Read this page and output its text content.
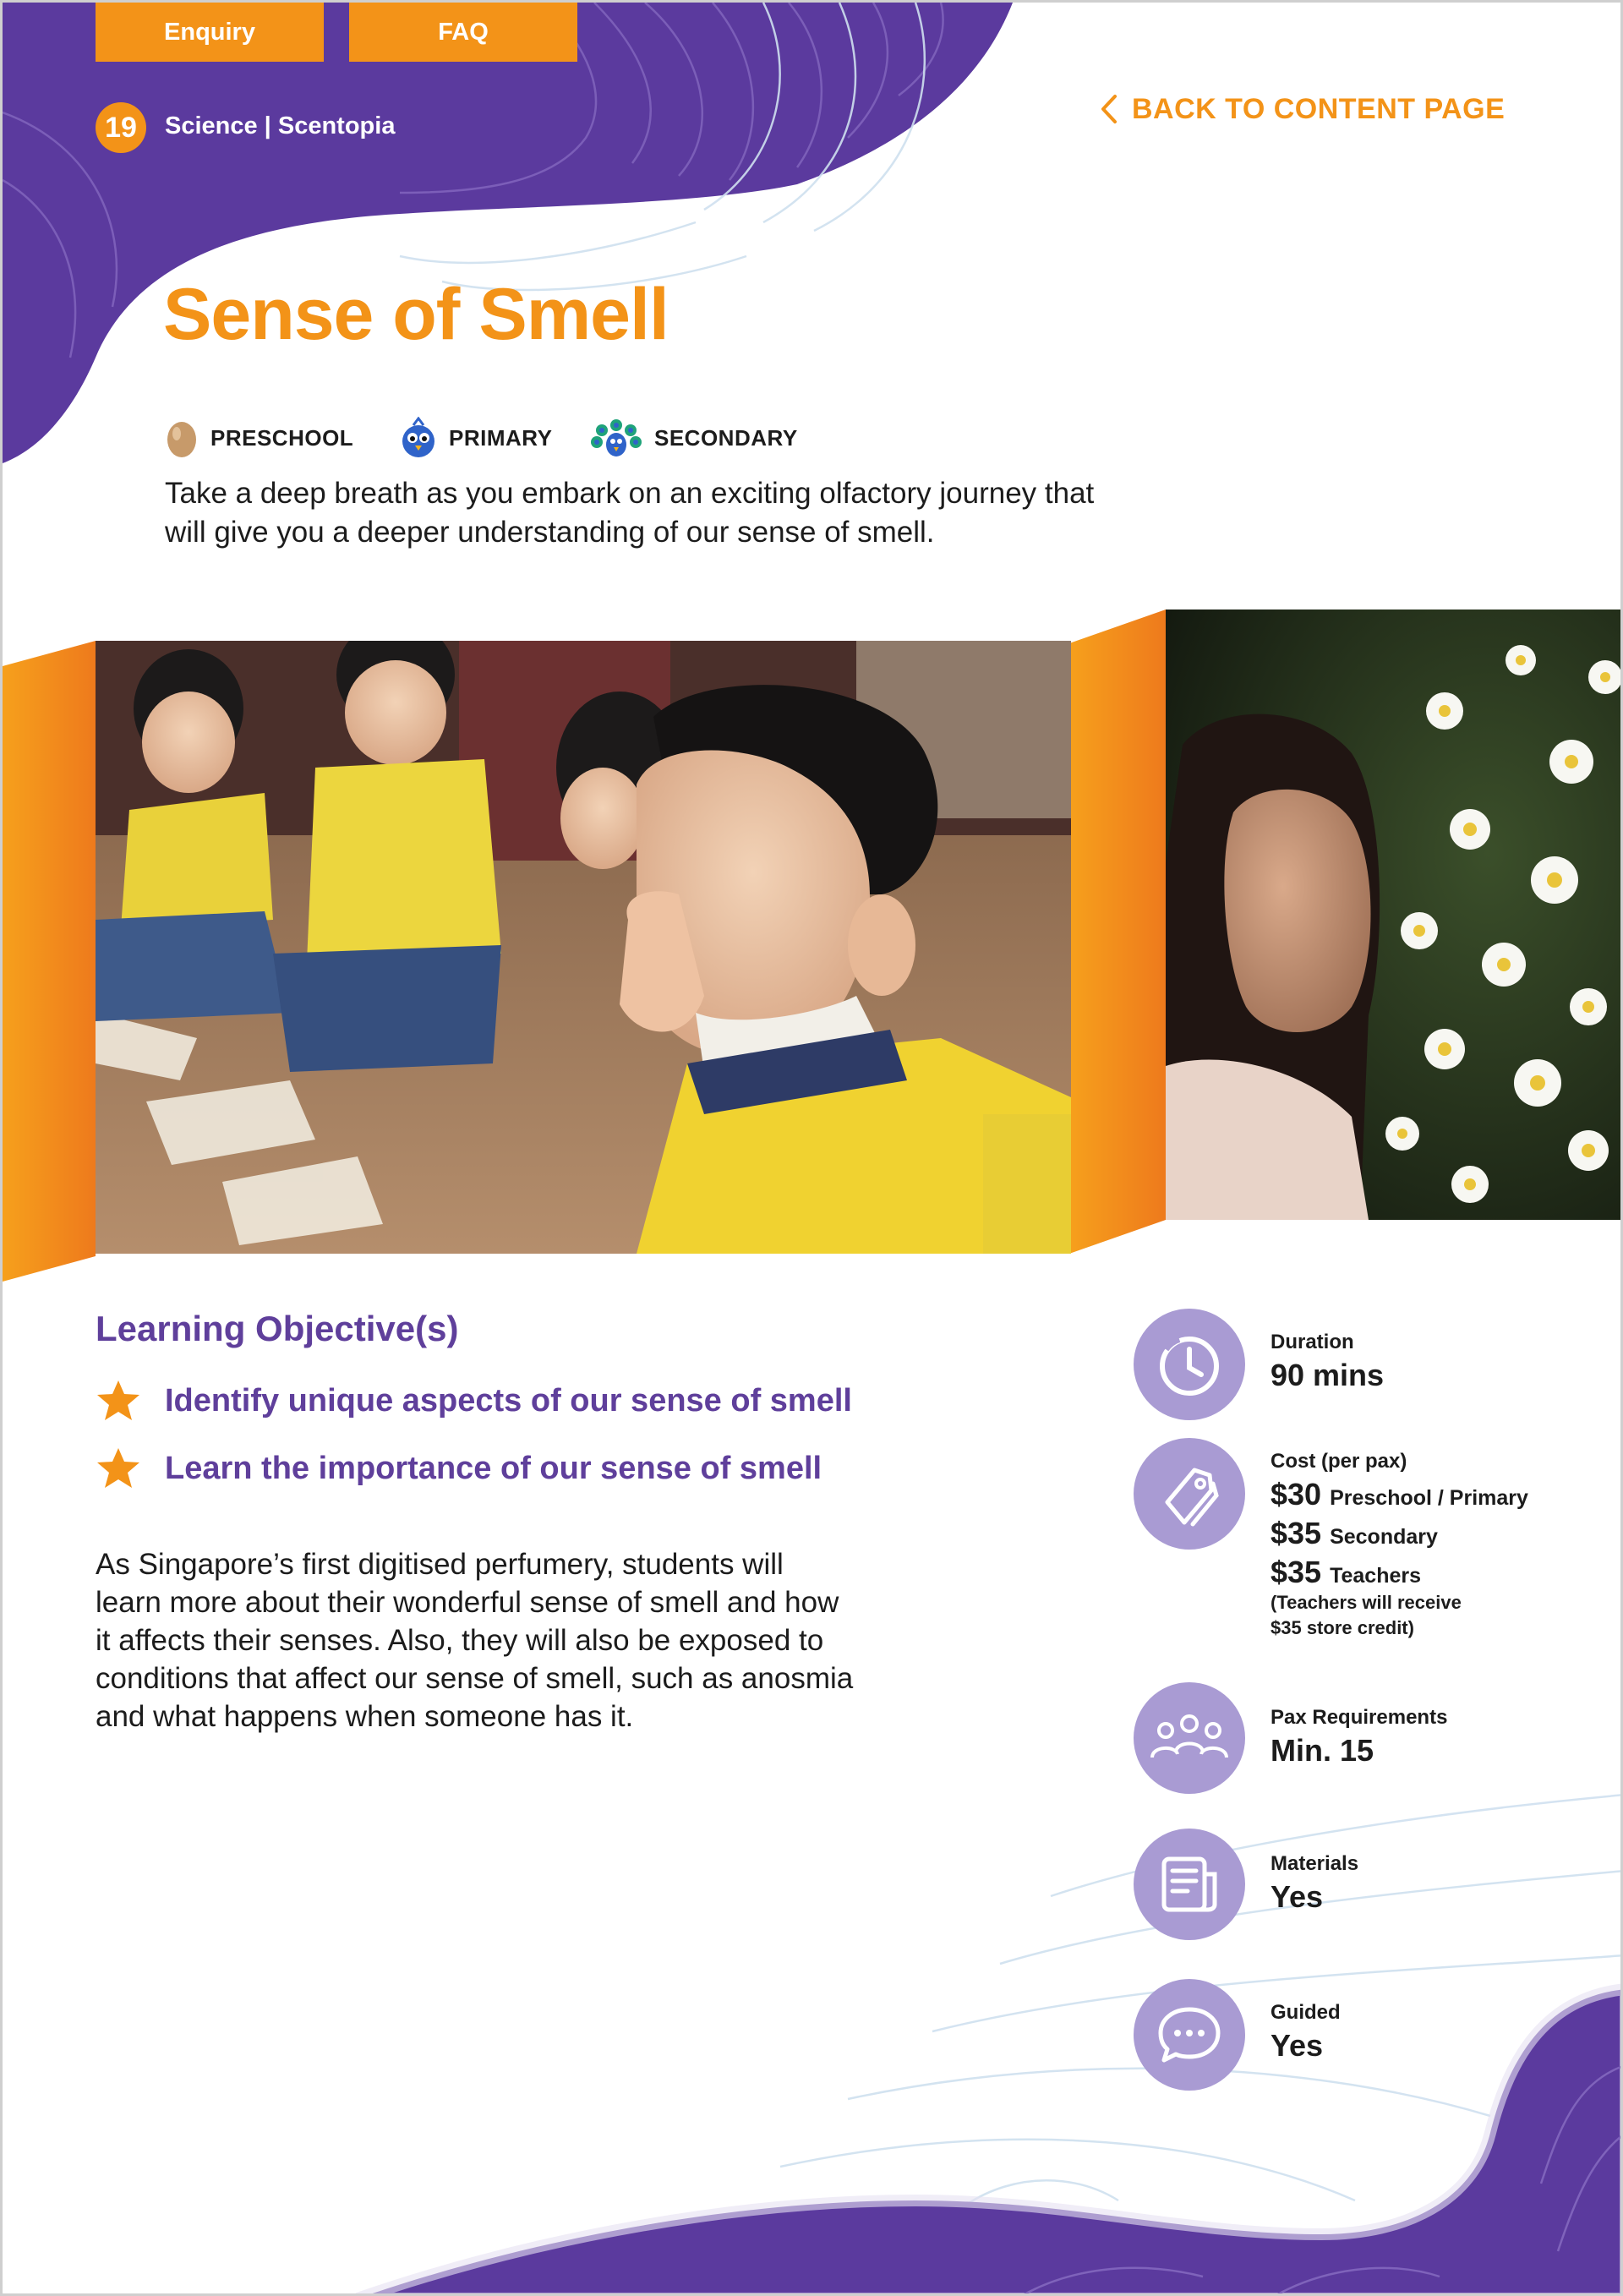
Enquiry	FAQ
19 Science | Scentopia
BACK TO CONTENT PAGE
Sense of Smell
PRESCHOOL	PRIMARY	SECONDARY
Take a deep breath as you embark on an exciting olfactory journey that
will give you a deeper understanding of our sense of smell.
Learning Objective(s)
Identify unique aspects of our sense of smell
Learn the importance of our sense of smell
As Singapore’s first digitised perfumery, students will
learn more about their wonderful sense of smell and how
it affects their senses. Also, they will also be exposed to
conditions that affect our sense of smell, such as anosmia
and what happens when someone has it.
Duration
90 mins
Cost (per pax)
$30 Preschool / Primary
$35 Secondary
$35 Teachers
(Teachers will receive
$35 store credit)
Pax Requirements
Min. 15
Materials
Yes
Guided
Yes
